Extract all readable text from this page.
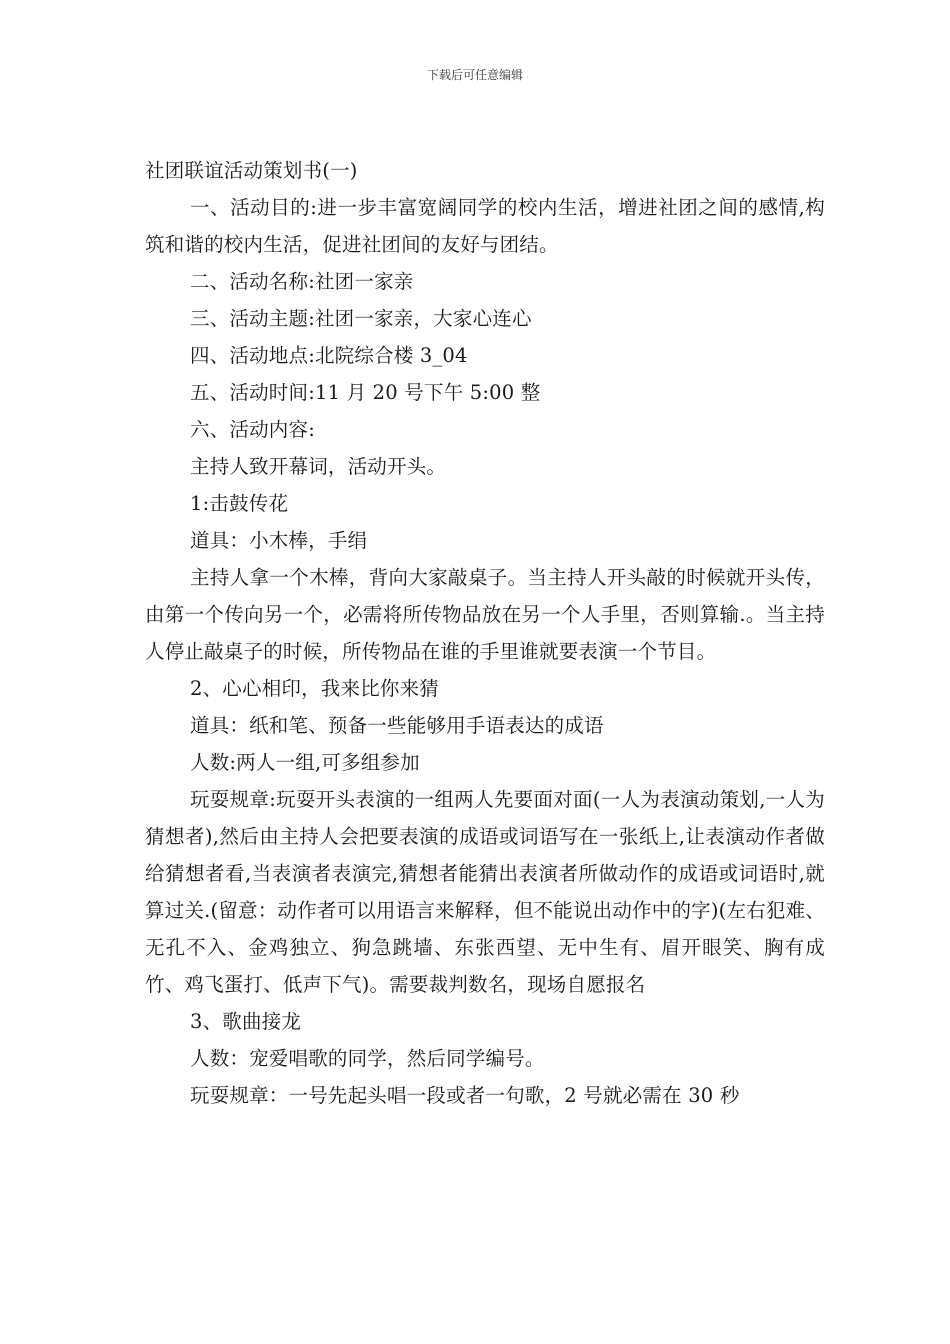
下载后可任意编辑

社团联谊活动策划书(一)

一、活动目的:进一步丰富宽阔同学的校内生活，增进社团之间的感情,构筑和谐的校内生活，促进社团间的友好与团结。

二、活动名称:社团一家亲

三、活动主题:社团一家亲，大家心连心

四、活动地点:北院综合楼 3_04

五、活动时间:11 月 20 号下午 5:00 整

六、活动内容:

主持人致开幕词，活动开头。

1:击鼓传花

道具：小木棒，手绢

主持人拿一个木棒，背向大家敲桌子。当主持人开头敲的时候就开头传，由第一个传向另一个，必需将所传物品放在另一个人手里，否则算输.。当主持人停止敲桌子的时候，所传物品在谁的手里谁就要表演一个节目。

2、心心相印，我来比你来猜

道具：纸和笔、预备一些能够用手语表达的成语

人数:两人一组,可多组参加

玩耍规章:玩耍开头表演的一组两人先要面对面(一人为表演动策划,一人为猜想者),然后由主持人会把要表演的成语或词语写在一张纸上,让表演动作者做给猜想者看,当表演者表演完,猜想者能猜出表演者所做动作的成语或词语时,就算过关.(留意：动作者可以用语言来解释，但不能说出动作中的字)(左右犯难、无孔不入、金鸡独立、狗急跳墙、东张西望、无中生有、眉开眼笑、胸有成竹、鸡飞蛋打、低声下气)。需要裁判数名，现场自愿报名

3、歌曲接龙

人数：宠爱唱歌的同学，然后同学编号。

玩耍规章：一号先起头唱一段或者一句歌，2 号就必需在 30 秒
